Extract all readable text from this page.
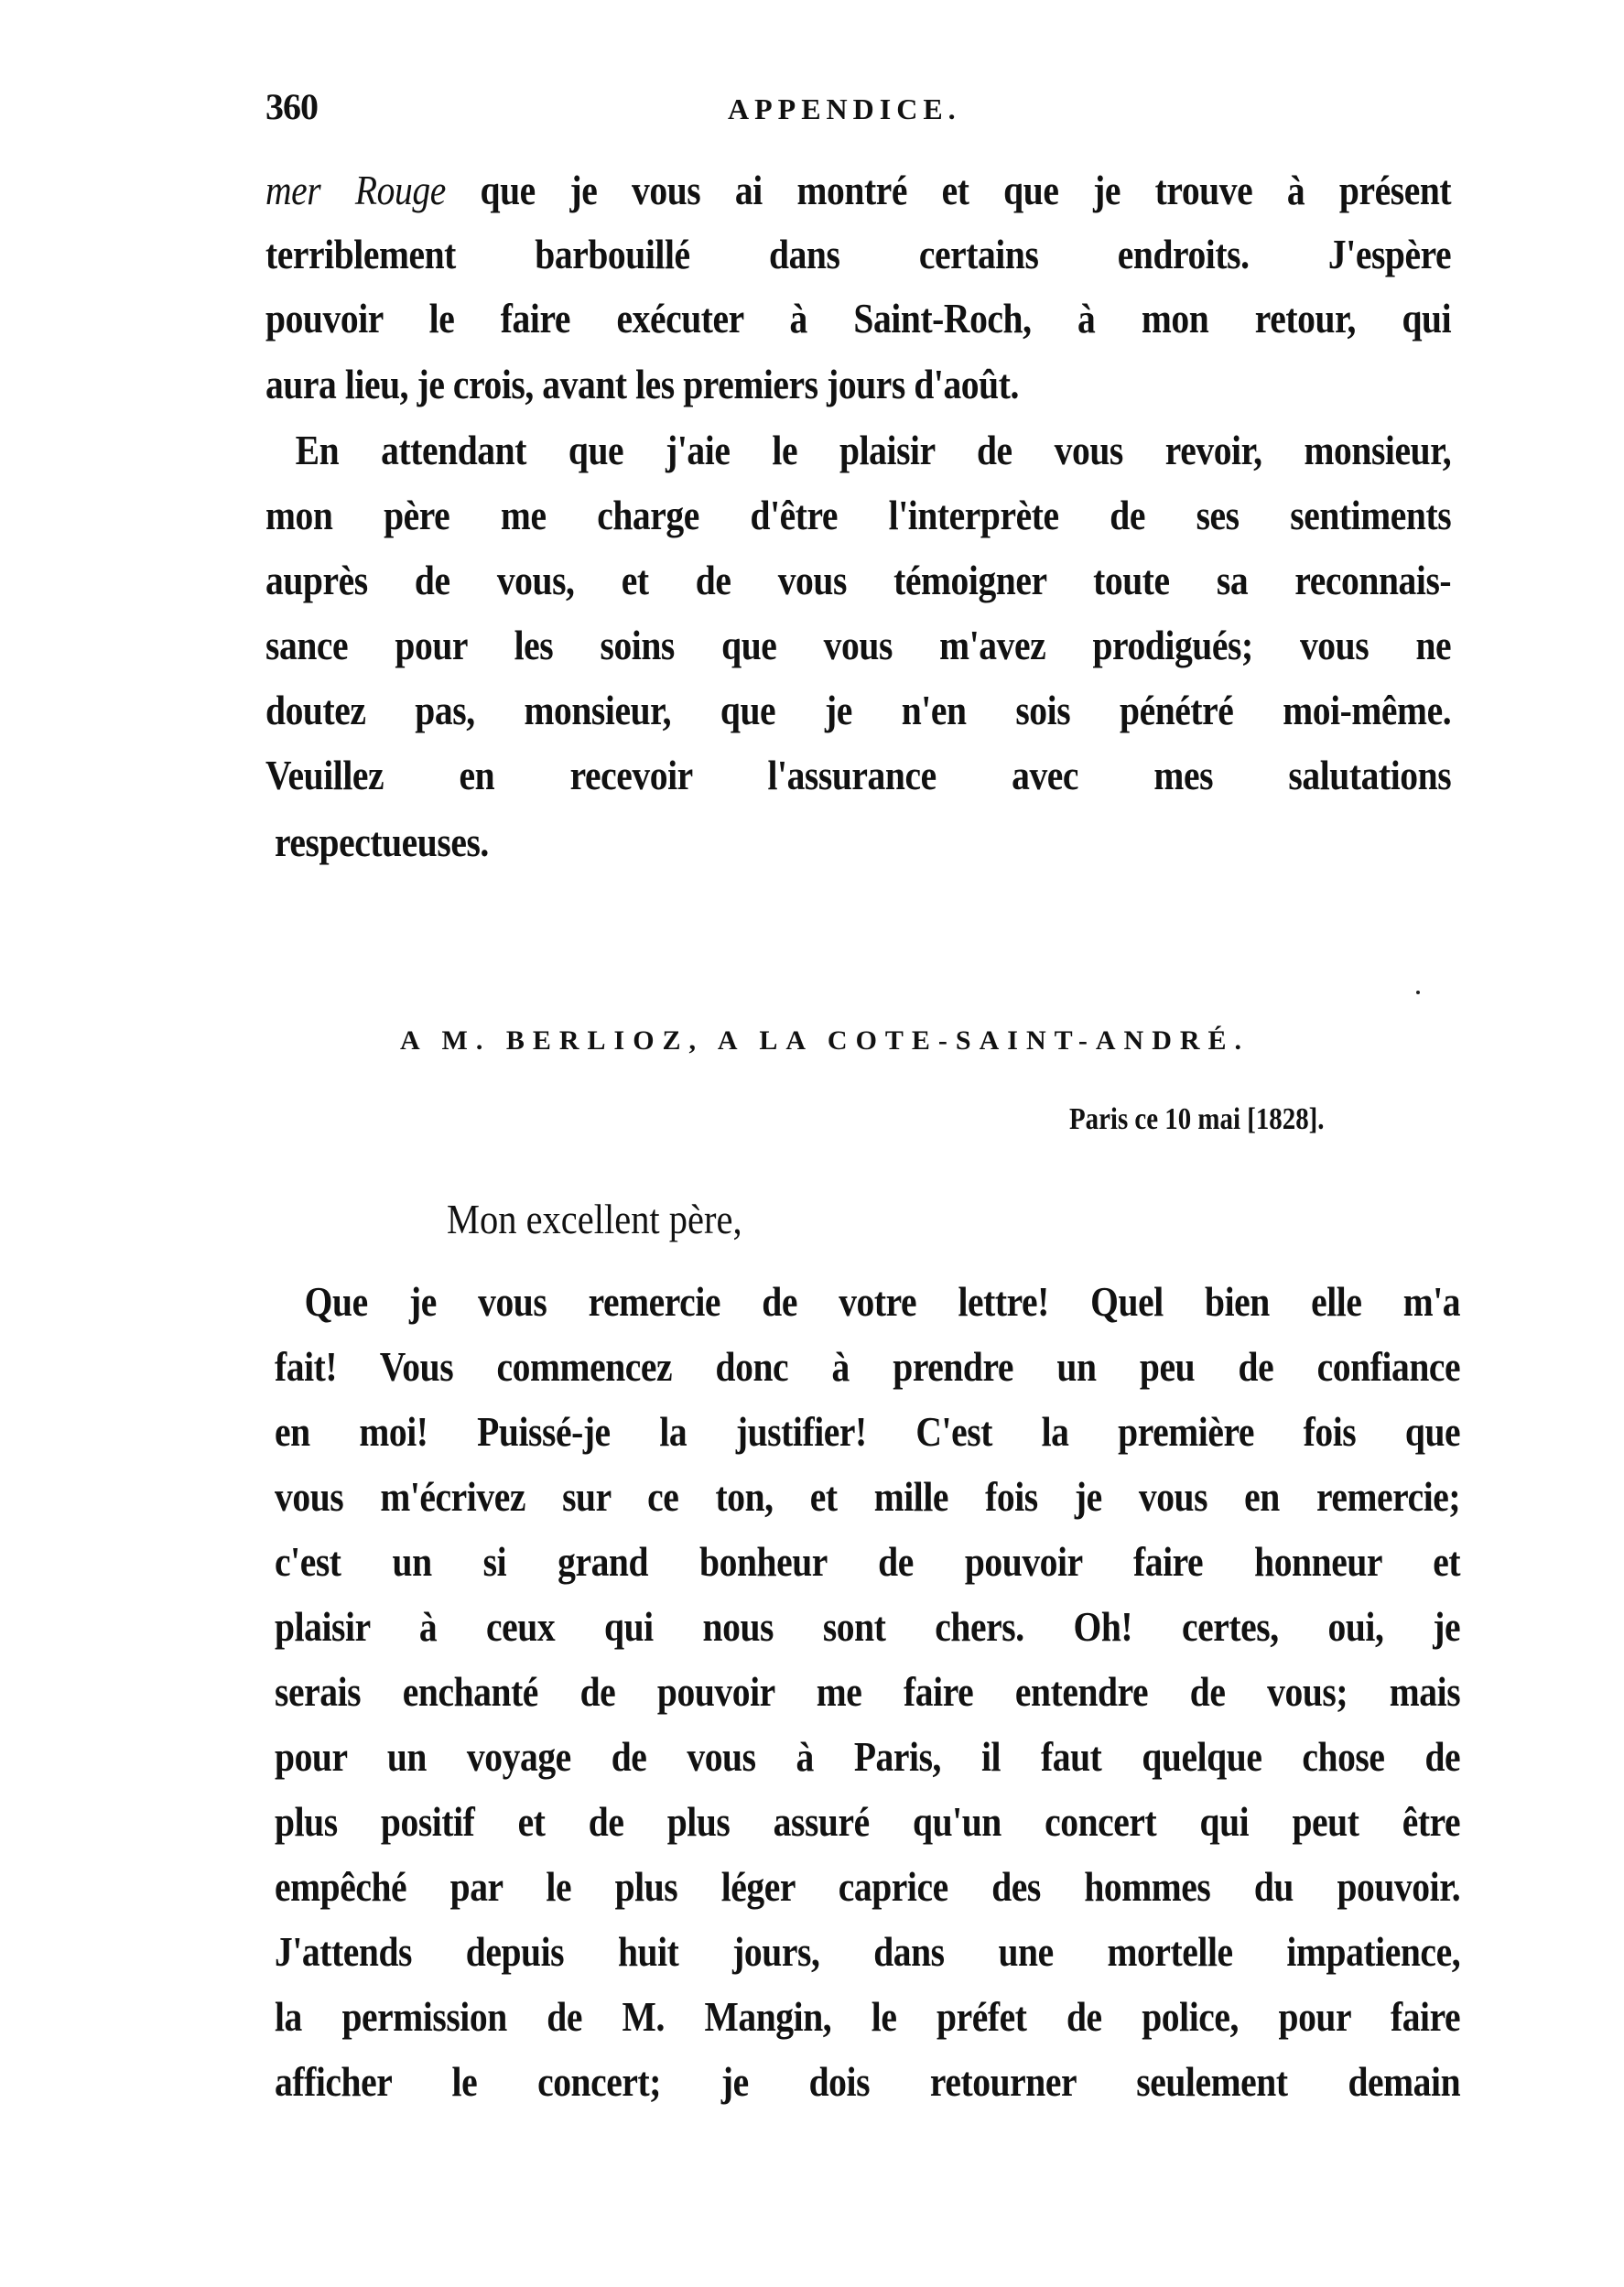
360	APPENDICE.
mer Rouge que je vous ai montré et que je trouve à présent
terriblement barbouillé dans certains endroits. J'espère
pouvoir le faire exécuter à Saint-Roch, à mon retour, qui
aura lieu, je crois, avant les premiers jours d'août.
En attendant que j'aie le plaisir de vous revoir, monsieur,
mon père me charge d'être l'interprète de ses sentiments
auprès de vous, et de vous témoigner toute sa reconnais-
sance pour les soins que vous m'avez prodigués; vous ne
doutez pas, monsieur, que je n'en sois pénétré moi-même.
Veuillez en recevoir l'assurance avec mes salutations
respectueuses.
A M. BERLIOZ, A LA COTE-SAINT-ANDRÉ.
Paris ce 10 mai [1828].
Mon excellent père,
Que je vous remercie de votre lettre! Quel bien elle m'a
fait! Vous commencez donc à prendre un peu de confiance
en moi! Puissé-je la justifier! C'est la première fois que
vous m'écrivez sur ce ton, et mille fois je vous en remercie;
c'est un si grand bonheur de pouvoir faire honneur et
plaisir à ceux qui nous sont chers. Oh! certes, oui, je
serais enchanté de pouvoir me faire entendre de vous; mais
pour un voyage de vous à Paris, il faut quelque chose de
plus positif et de plus assuré qu'un concert qui peut être
empêché par le plus léger caprice des hommes du pouvoir.
J'attends depuis huit jours, dans une mortelle impatience,
la permission de M. Mangin, le préfet de police, pour faire
afficher le concert; je dois retourner seulement demain
